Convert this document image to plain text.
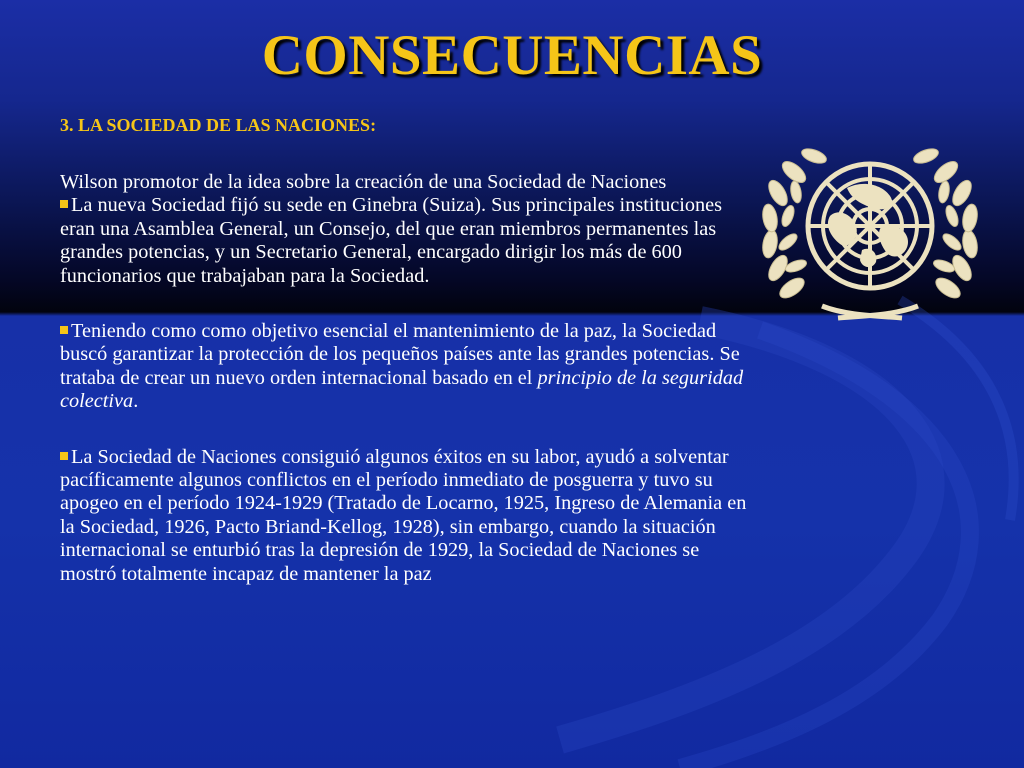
CONSECUENCIAS
3. LA SOCIEDAD DE LAS NACIONES:

Wilson promotor de la idea sobre la creación de una Sociedad de Naciones

La nueva Sociedad fijó su sede en Ginebra (Suiza). Sus principales instituciones eran una Asamblea General, un Consejo, del que eran miembros permanentes las grandes potencias, y un Secretario General, encargado dirigir los más de 600 funcionarios que trabajaban para la Sociedad.

Teniendo como como objetivo esencial el mantenimiento de la paz, la Sociedad buscó garantizar la protección de los pequeños países ante las grandes potencias. Se trataba de crear un nuevo orden internacional basado en el principio de la seguridad colectiva.

La Sociedad de Naciones consiguió algunos éxitos en su labor, ayudó a solventar pacíficamente algunos conflictos en el período inmediato de posguerra y tuvo su apogeo en el período 1924-1929 (Tratado de Locarno, 1925, Ingreso de Alemania en la Sociedad, 1926, Pacto Briand-Kellog, 1928), sin embargo, cuando la situación internacional se enturbió tras la depresión de 1929, la Sociedad de Naciones se mostró totalmente incapaz de mantener la paz
